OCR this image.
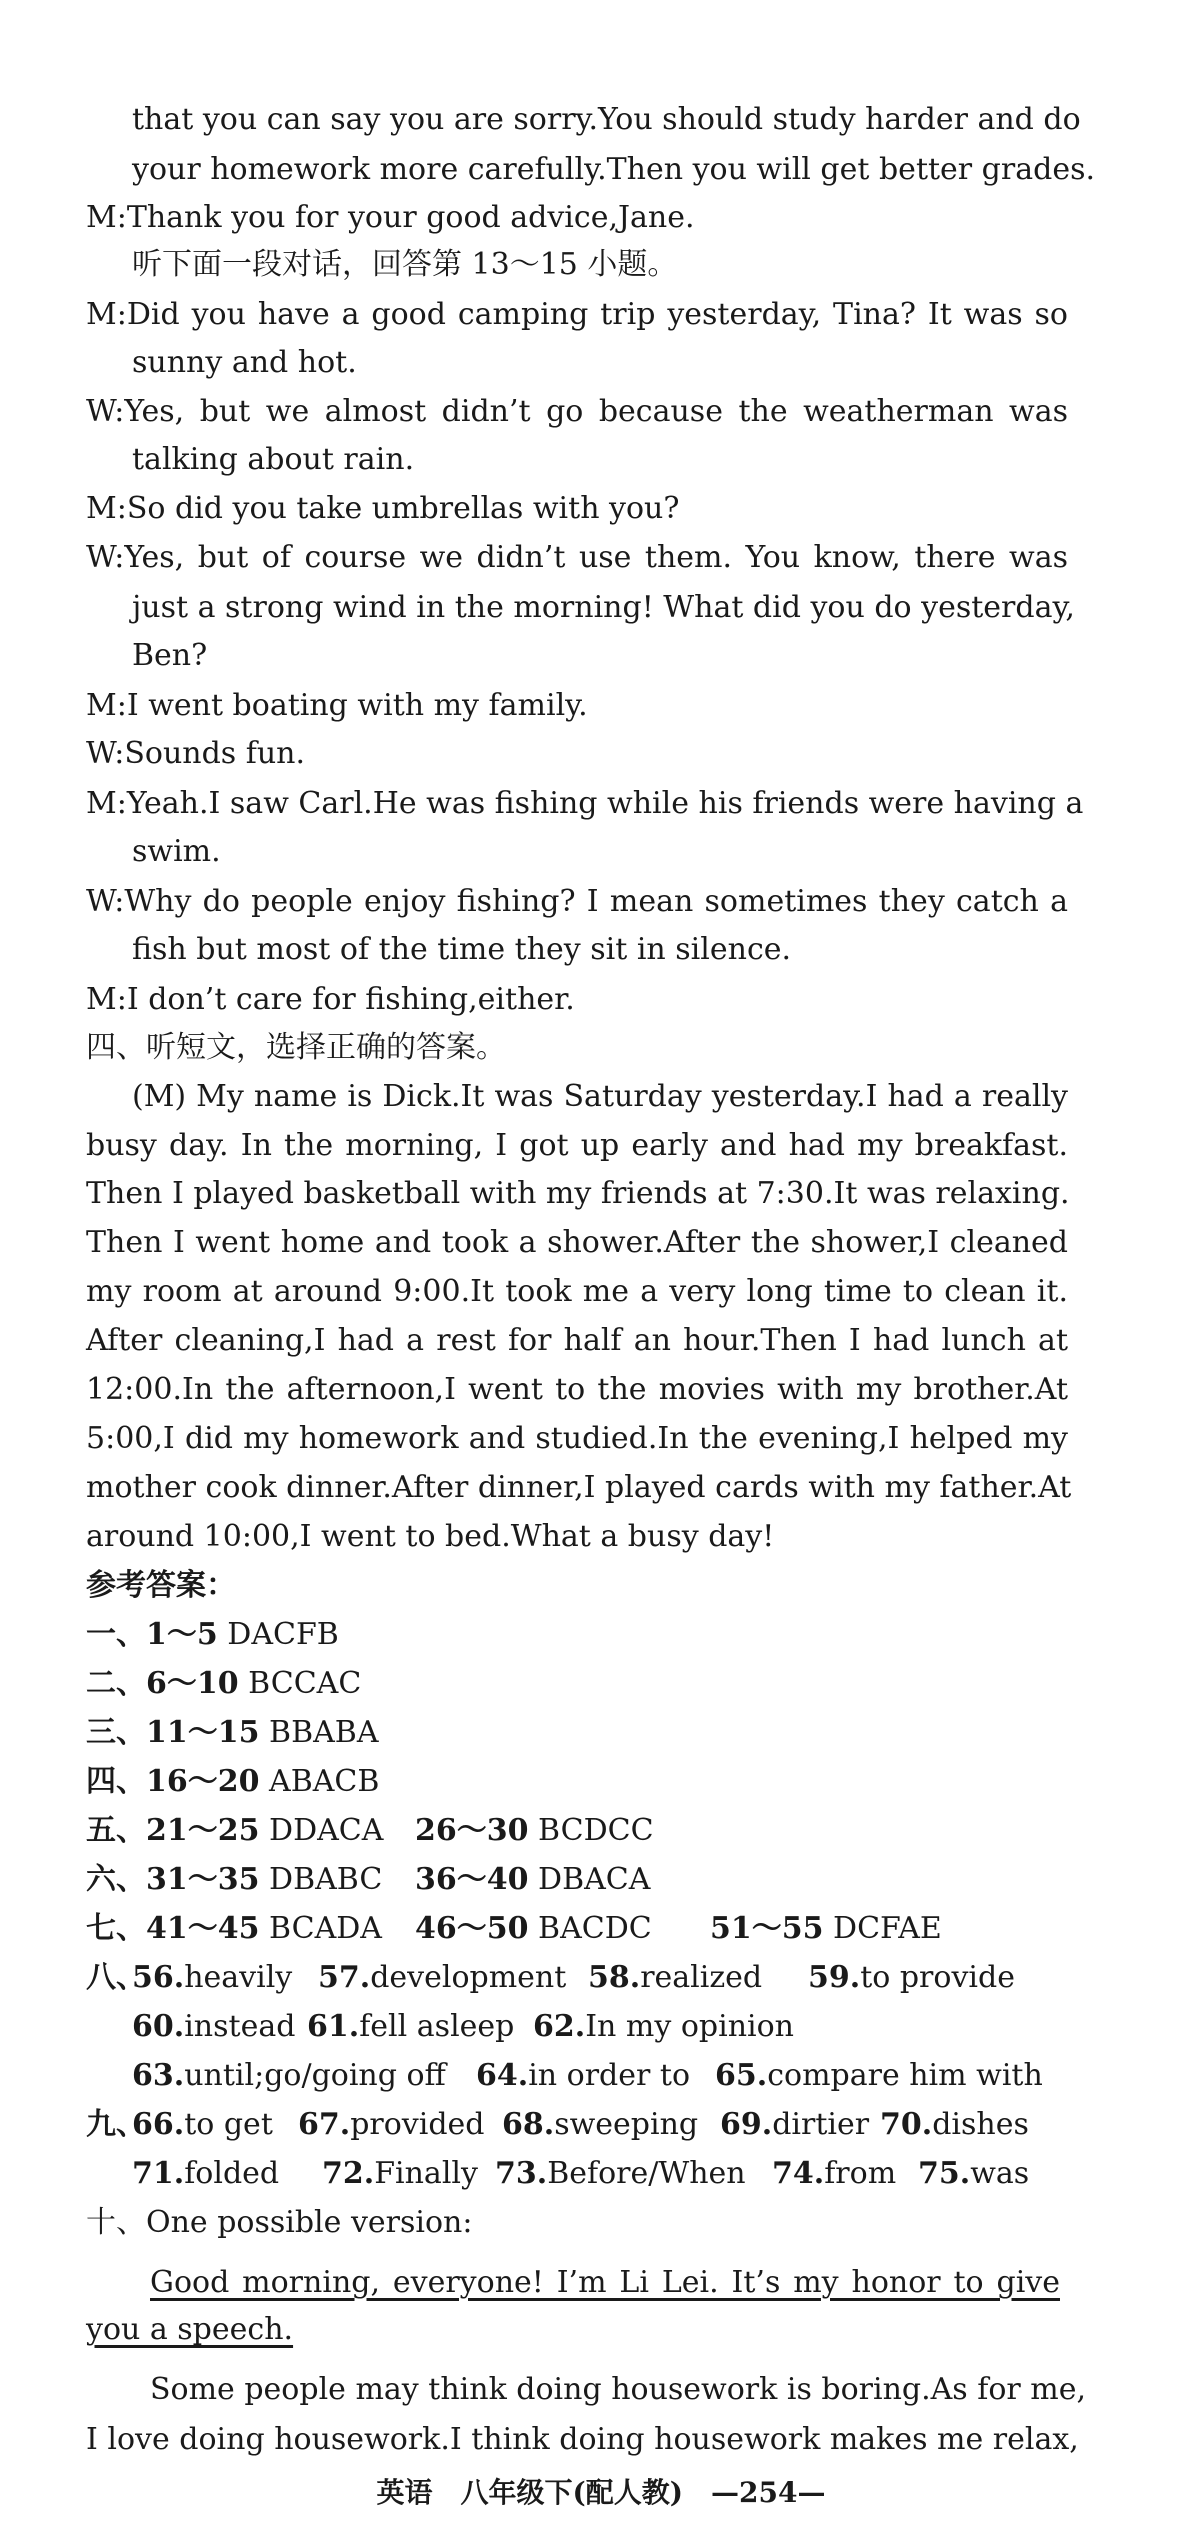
that you can say you are sorry.You should study harder and do
your homework more carefully.Then you will get better grades.
M:Thank you for your good advice,Jane.
听下面一段对话，回答第 13～15 小题。
M:Did you have a good camping trip yesterday, Tina? It was so
sunny and hot.
W:Yes, but we almost didn’t go because the weatherman was
talking about rain.
M:So did you take umbrellas with you?
W:Yes, but of course we didn’t use them. You know, there was
just a strong wind in the morning! What did you do yesterday,
Ben?
M:I went boating with my family.
W:Sounds fun.
M:Yeah.I saw Carl.He was fishing while his friends were having a
swim.
W:Why do people enjoy fishing? I mean sometimes they catch a
fish but most of the time they sit in silence.
M:I don’t care for fishing,either.
四、听短文，选择正确的答案。
(M) My name is Dick.It was Saturday yesterday.I had a really
busy day. In the morning, I got up early and had my breakfast.
Then I played basketball with my friends at 7:30.It was relaxing.
Then I went home and took a shower.After the shower,I cleaned
my room at around 9:00.It took me a very long time to clean it.
After cleaning,I had a rest for half an hour.Then I had lunch at
12:00.In the afternoon,I went to the movies with my brother.At
5:00,I did my homework and studied.In the evening,I helped my
mother cook dinner.After dinner,I played cards with my father.At
around 10:00,I went to bed.What a busy day!
参考答案：
一、1～5 DACFB
二、6～10 BCCAC
三、11～15 BBABA
四、16～20 ABACB
五、21～25 DDACA 26～30 BCDCC
六、31～35 DBABC 36～40 DBACA
七、41～45 BCADA 46～50 BACDC 51～55 DCFAE
八、
56.heavily 57.development 58.realized 59.to provide
60.instead 61.fell asleep 62.In my opinion
63.until;go/going off 64.in order to 65.compare him with
九、
66.to get 67.provided 68.sweeping 69.dirtier 70.dishes
71.folded 72.Finally 73.Before/When 74.from 75.was
十、One possible version:
Good morning, everyone! I’m Li Lei. It’s my honor to give
you a speech.
Some people may think doing housework is boring.As for me,
I love doing housework.I think doing housework makes me relax,
英语　八年级下(配人教)　—254—
